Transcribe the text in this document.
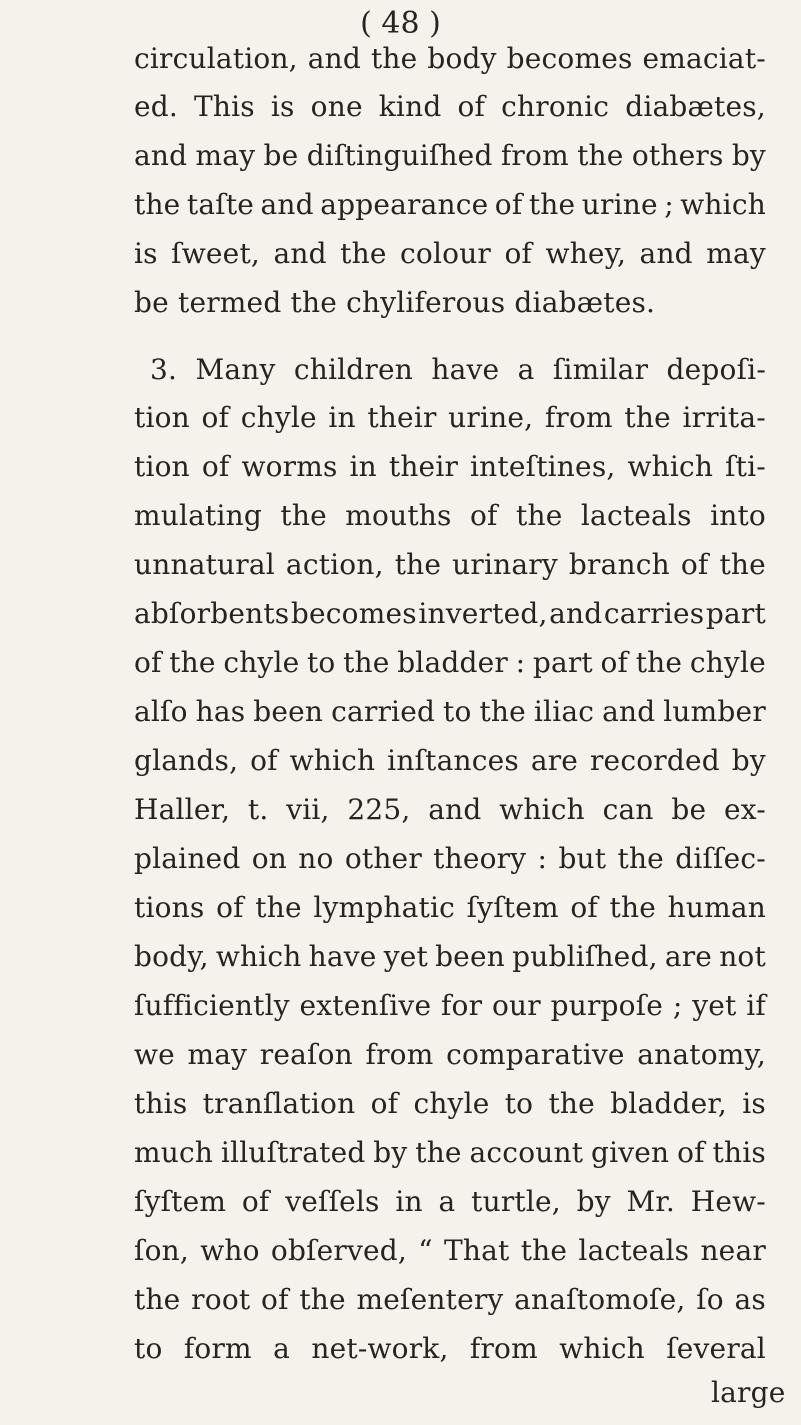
( 48 )
circulation, and the body becomes emaciat-
ed. This is one kind of chronic diabætes,
and may be diſtinguiſhed from the others by
the taſte and appearance of the urine ; which
is ſweet, and the colour of whey, and may
be termed the chyliferous diabætes.
3. Many children have a ſimilar depoſi-
tion of chyle in their urine, from the irrita-
tion of worms in their inteſtines, which ſti-
mulating the mouths of the lacteals into
unnatural action, the urinary branch of the
abſorbents becomes inverted, and carries part
of the chyle to the bladder : part of the chyle
alſo has been carried to the iliac and lumber
glands, of which inſtances are recorded by
Haller, t. vii, 225, and which can be ex-
plained on no other theory : but the diſſec-
tions of the lymphatic ſyſtem of the human
body, which have yet been publiſhed, are not
ſufficiently extenſive for our purpoſe ; yet if
we may reaſon from comparative anatomy,
this tranſlation of chyle to the bladder, is
much illuſtrated by the account given of this
ſyſtem of veſſels in a turtle, by Mr. Hew-
ſon, who obſerved, “ That the lacteals near
the root of the meſentery anaſtomoſe, ſo as
to form a net-work, from which ſeveral
large
